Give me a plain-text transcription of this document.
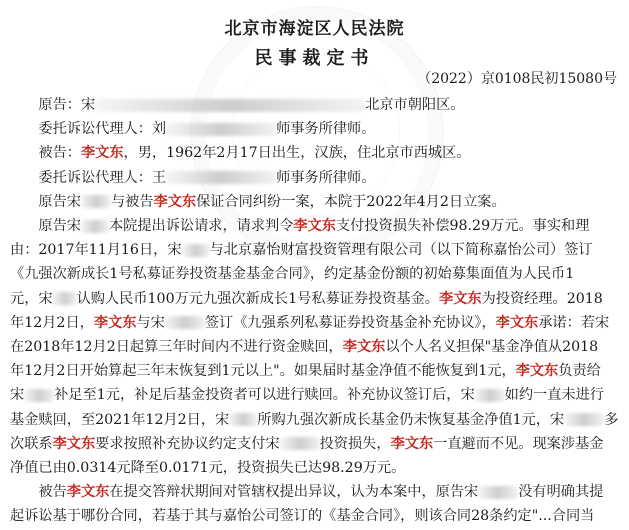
北京市海淀区人民法院
民事裁定书
（2022）京0108民初15080号
　　原告：宋	北京市朝阳区。
　　委托诉讼代理人：刘	师事务所律师。
　　被告：李文东，男，1962年2月17日出生，汉族，住北京市西城区。
　　委托诉讼代理人：王	师事务所律师。
　　原告宋 与被告李文东保证合同纠纷一案，本院于2022年4月2日立案。
　　原告宋 本院提出诉讼请求，请求判令李文东支付投资损失补偿98.29万元。事实和理
由：2017年11月16日，宋 与北京嘉怡财富投资管理有限公司（以下简称嘉怡公司）签订
《九强次新成长1号私募证券投资基金基金合同》，约定基金份额的初始募集面值为人民币1
元，宋 认购人民币100万元九强次新成长1号私募证券投资基金。李文东为投资经理。2018
年12月2日，李文东与宋	签订《九强系列私募证券投资基金补充协议》，李文东承诺：若宋
在2018年12月2日起算三年时间内不进行资金赎回，李文东以个人名义担保"基金净值从2018
年12月2日开始算起三年末恢复到1元以上"。如果届时基金净值不能恢复到1元，李文东负责给
宋 补足至1元，补足后基金投资者可以进行赎回。补充协议签订后，宋 如约一直未进行
基金赎回，至2021年12月2日，宋 所购九强次新成长基金仍未恢复基金净值1元，宋	多
次联系李文东要求按照补充协议约定支付宋	投资损失，李文东一直避而不见。现案涉基金
净值已由0.0314元降至0.0171元，投资损失已达98.29万元。
　　被告李文东在提交答辩状期间对管辖权提出异议，认为本案中，原告宋	没有明确其提
起诉讼基于哪份合同，若基于其与嘉怡公司签订的《基金合同》，则该合同28条约定"...合同当
